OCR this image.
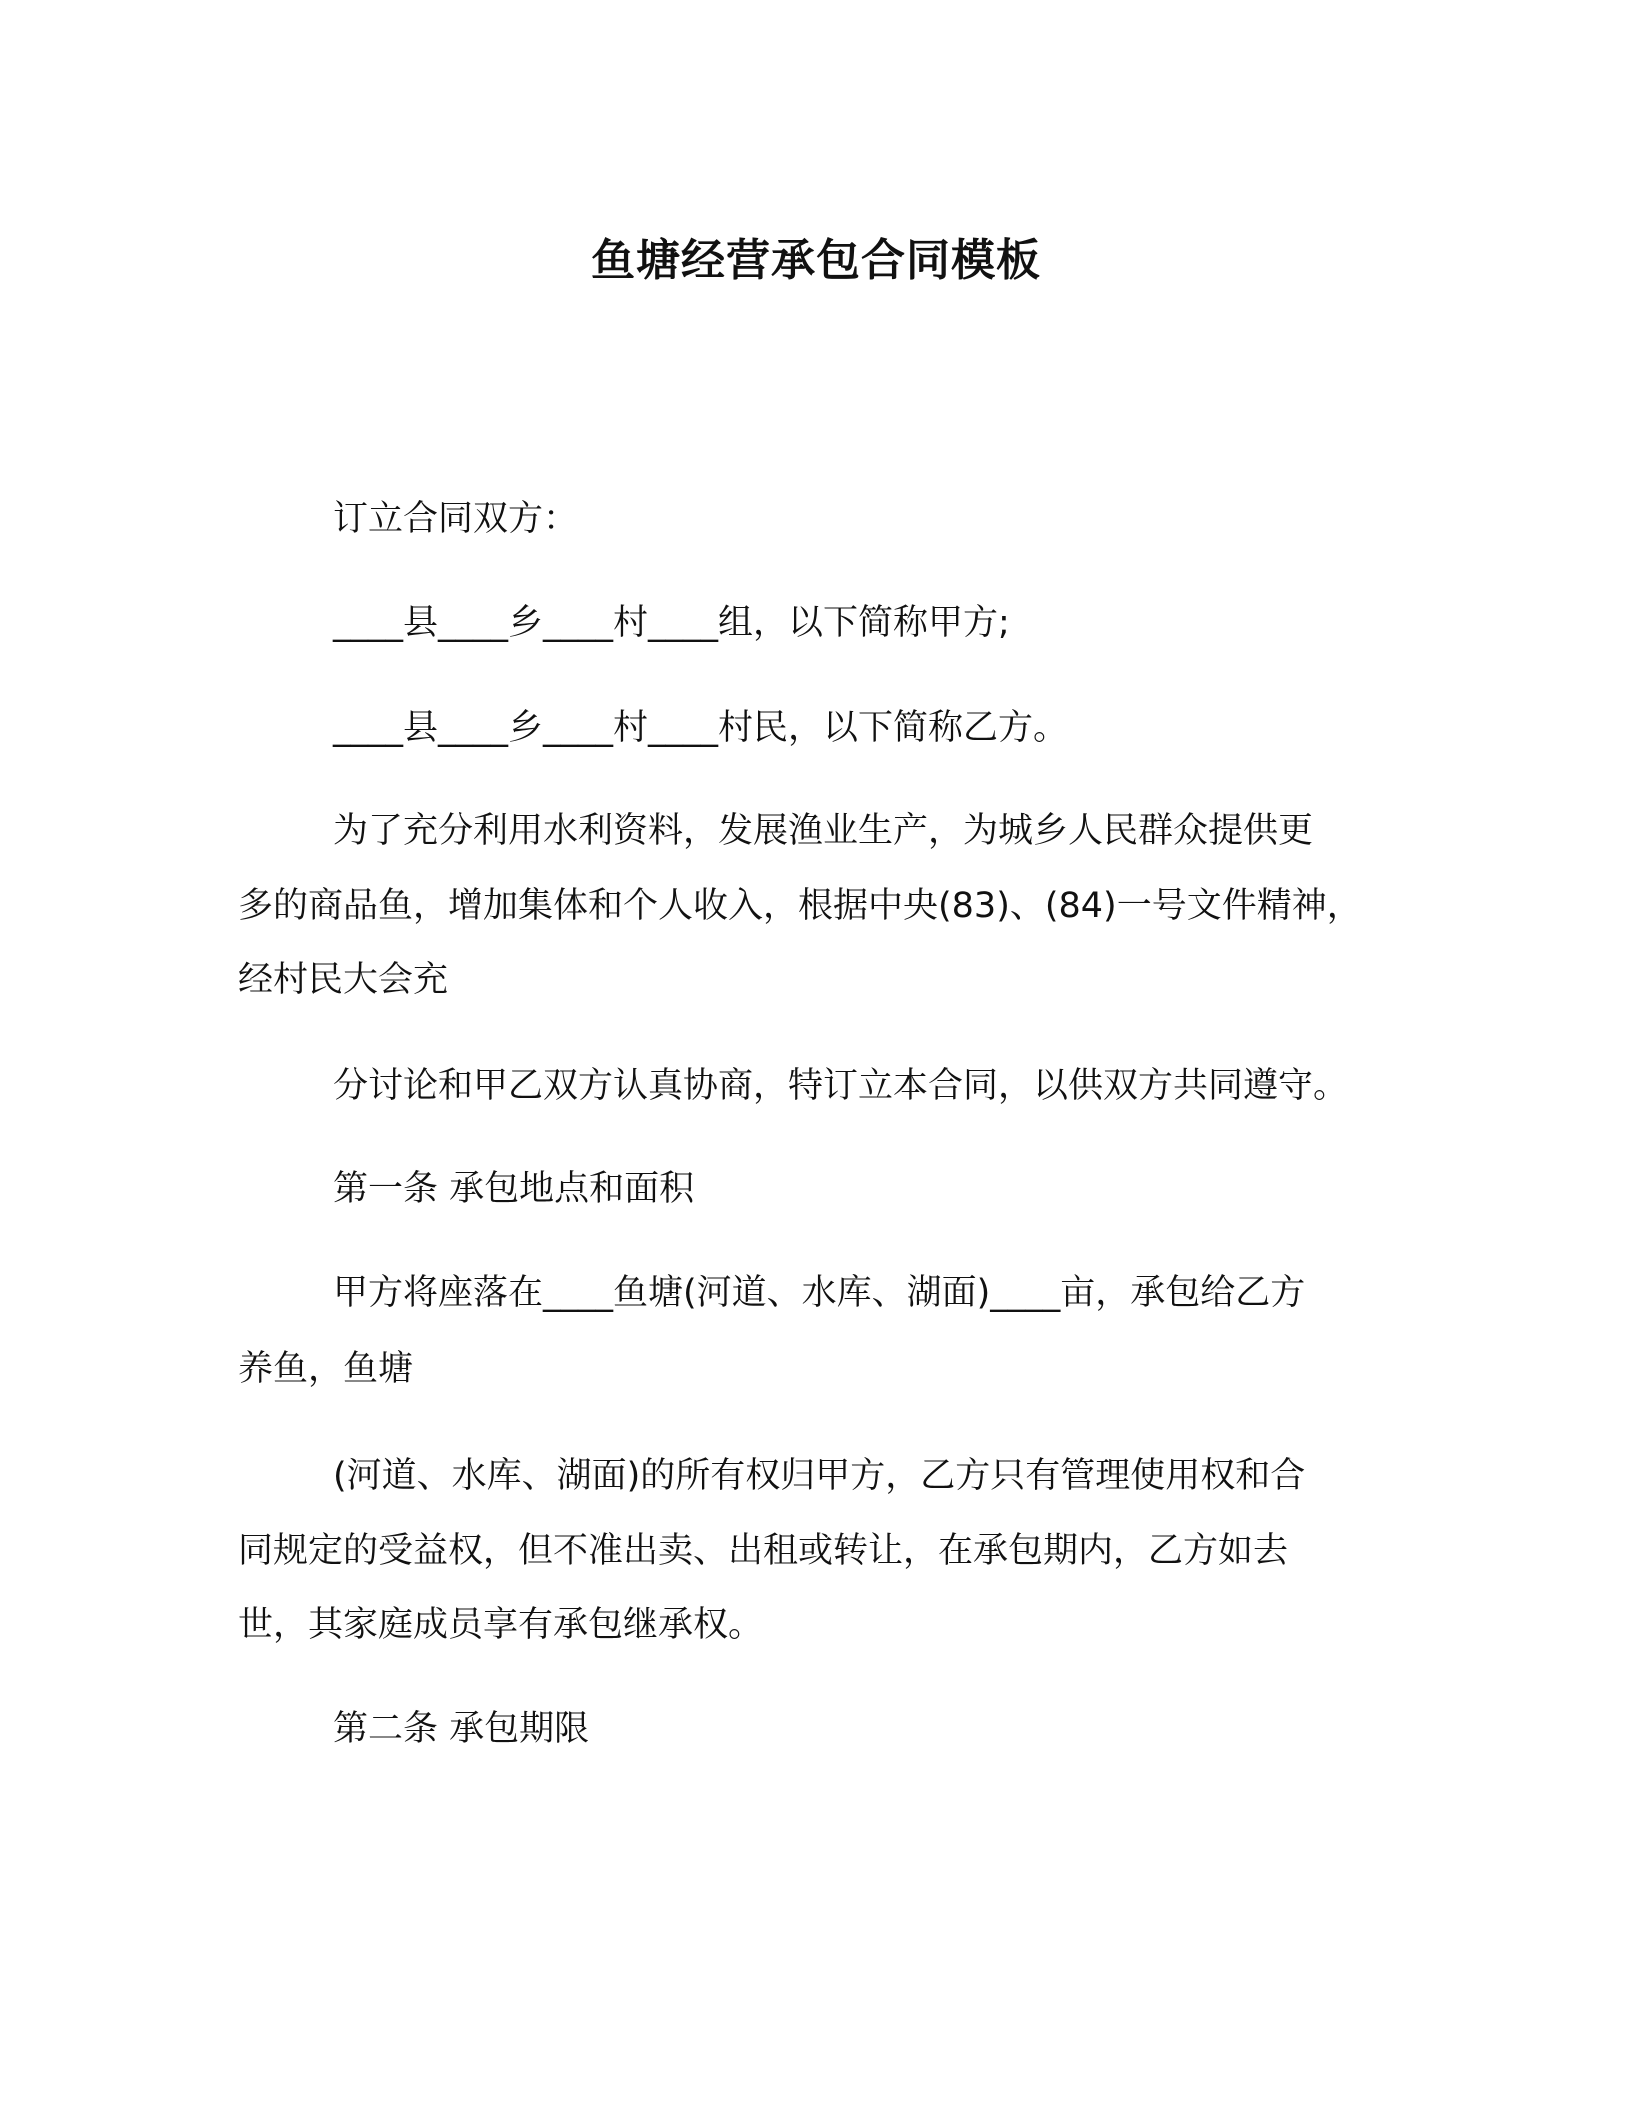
鱼塘经营承包合同模板

订立合同双方：

____县____乡____村____组，以下简称甲方;

____县____乡____村____村民，以下简称乙方。

为了充分利用水利资料，发展渔业生产，为城乡人民群众提供更

多的商品鱼，增加集体和个人收入，根据中央(83)、(84)一号文件精神，

经村民大会充

分讨论和甲乙双方认真协商，特订立本合同，以供双方共同遵守。

第一条 承包地点和面积

甲方将座落在____鱼塘(河道、水库、湖面)____亩，承包给乙方

养鱼，鱼塘

(河道、水库、湖面)的所有权归甲方，乙方只有管理使用权和合

同规定的受益权，但不准出卖、出租或转让，在承包期内，乙方如去

世，其家庭成员享有承包继承权。

第二条 承包期限
